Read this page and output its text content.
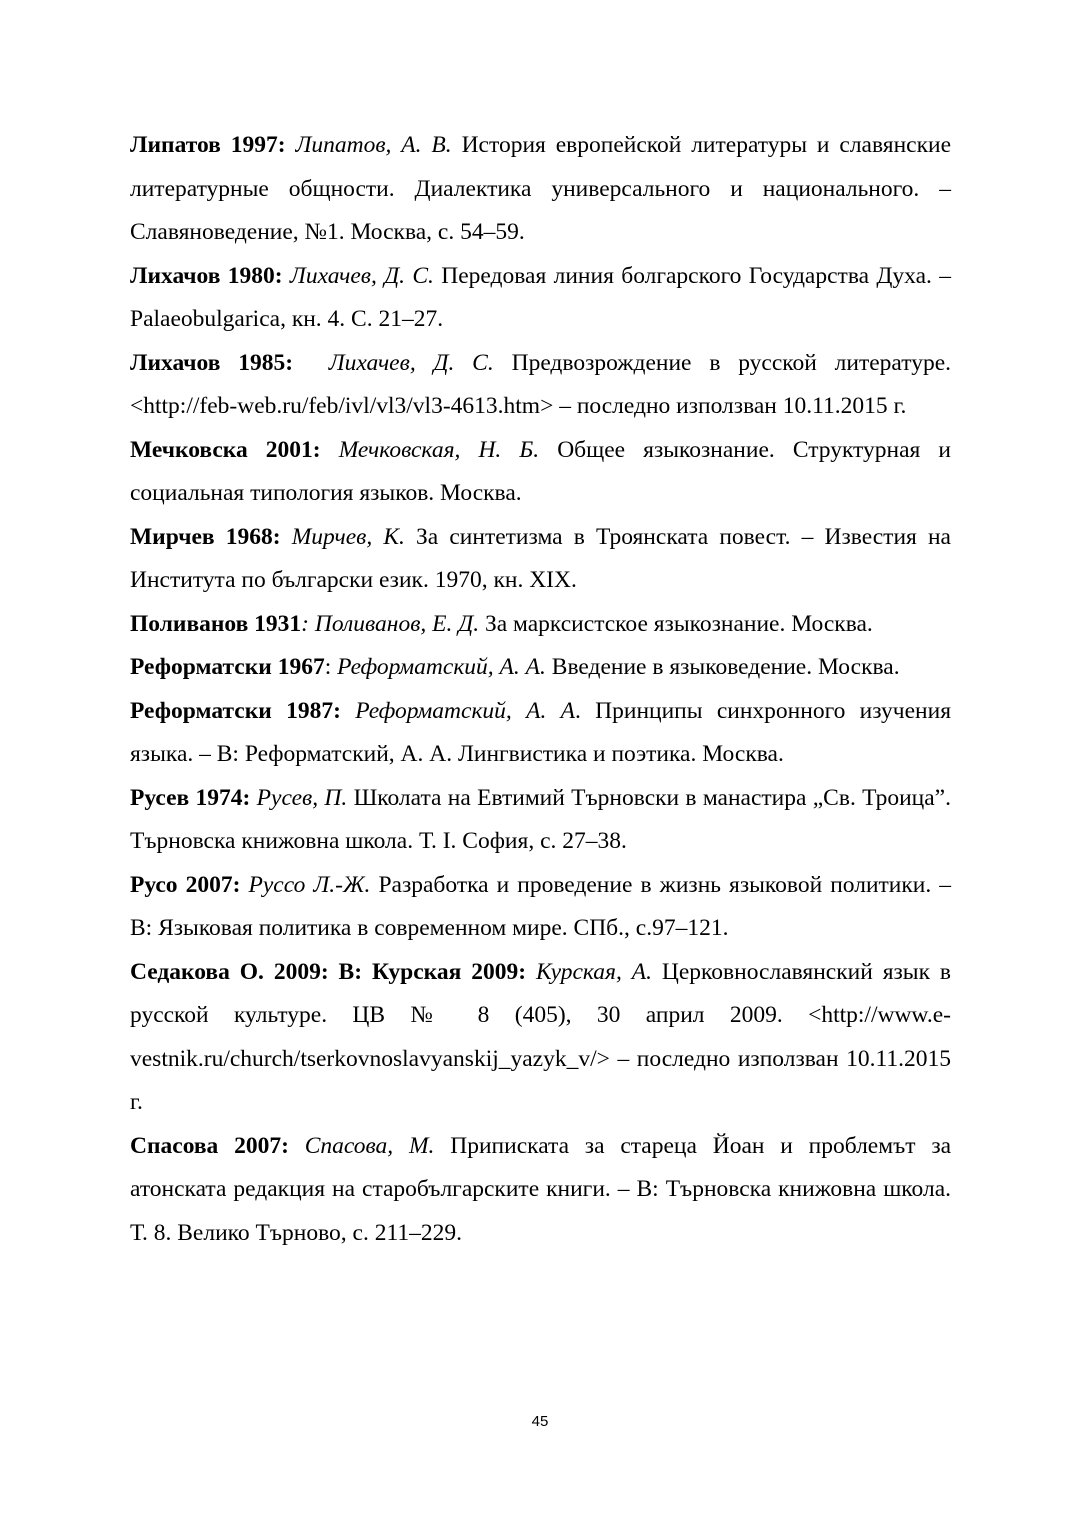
Липатов 1997: Липатов, А. В. История европейской литературы и славянские литературные общности. Диалектика универсального и национального. – Славяноведение, №1. Москва, с. 54–59.

Лихачов 1980: Лихачев, Д. С. Передовая линия болгарского Государства Духа. – Palaeobulgarica, кн. 4. С. 21–27.

Лихачов 1985: Лихачев, Д. С. Предвозрождение в русской литературе. <http://feb-web.ru/feb/ivl/vl3/vl3-4613.htm> – последно използван 10.11.2015 г.

Мечковска 2001: Мечковская, Н. Б. Общее языкознание. Структурная и социальная типология языков. Москва.

Мирчев 1968: Мирчев, К. За синтетизма в Троянската повест. – Известия на Института по български език. 1970, кн. XIX.

Поливанов 1931: Поливанов, Е. Д. За марксистское языкознание. Москва.

Реформатски 1967: Реформатский, А. А. Введение в языковедение. Москва.

Реформатски 1987: Реформатский, А. А. Принципы синхронного изучения языка. – В: Реформатский, А. А. Лингвистика и поэтика. Москва.

Русев 1974: Русев, П. Школата на Евтимий Търновски в манастира „Св. Троица”. Търновска книжовна школа. Т. І. София, с. 27–38.

Русо 2007: Руссо Л.-Ж. Разработка и проведение в жизнь языковой политики. – В: Языковая политика в современном мире. СПб., с.97–121.

Седакова О. 2009: В: Курская 2009: Курская, А. Церковнославянский язык в русской культуре. ЦВ № 8 (405), 30 април 2009. <http://www.e-vestnik.ru/church/tserkovnoslavyanskij_yazyk_v/> – последно използван 10.11.2015 г.

Спасова 2007: Спасова, М. Приписката за стареца Йоан и проблемът за атонската редакция на старобългарските книги. – В: Търновска книжовна школа. Т. 8. Велико Търново, с. 211–229.

45
